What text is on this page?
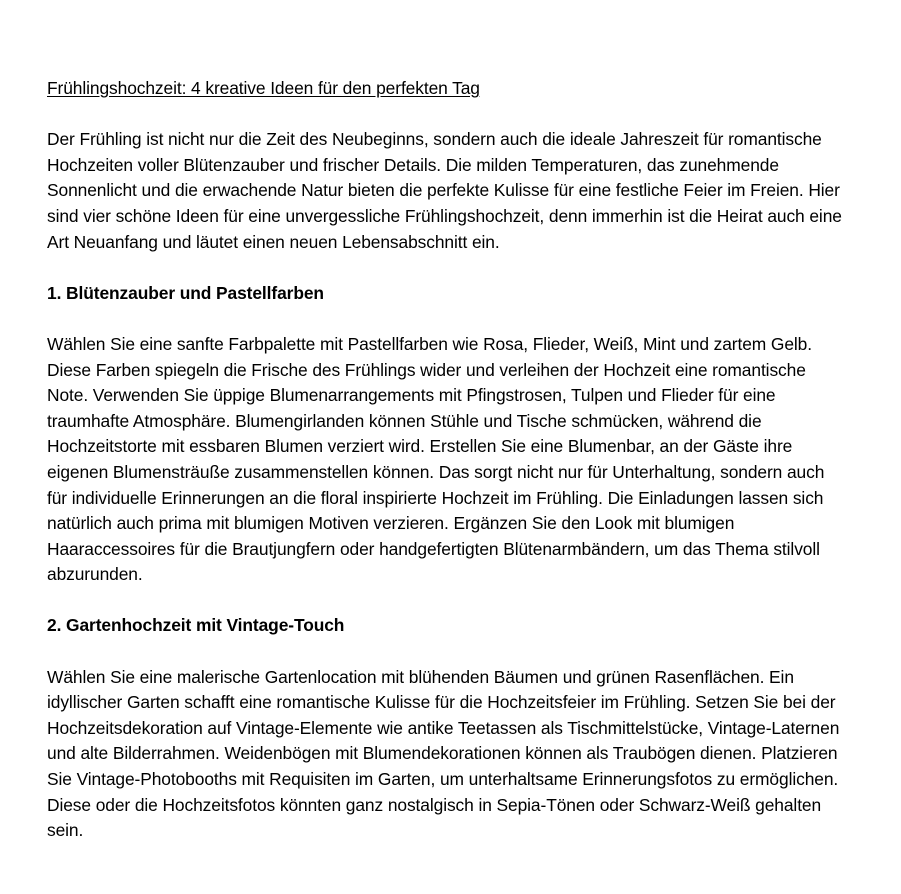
Frühlingshochzeit: 4 kreative Ideen für den perfekten Tag

Der Frühling ist nicht nur die Zeit des Neubeginns, sondern auch die ideale Jahreszeit für romantische Hochzeiten voller Blütenzauber und frischer Details. Die milden Temperaturen, das zunehmende Sonnenlicht und die erwachende Natur bieten die perfekte Kulisse für eine festliche Feier im Freien. Hier sind vier schöne Ideen für eine unvergessliche Frühlingshochzeit, denn immerhin ist die Heirat auch eine Art Neuanfang und läutet einen neuen Lebensabschnitt ein.

1. Blütenzauber und Pastellfarben

Wählen Sie eine sanfte Farbpalette mit Pastellfarben wie Rosa, Flieder, Weiß, Mint und zartem Gelb. Diese Farben spiegeln die Frische des Frühlings wider und verleihen der Hochzeit eine romantische Note. Verwenden Sie üppige Blumenarrangements mit Pfingstrosen, Tulpen und Flieder für eine traumhafte Atmosphäre. Blumengirlanden können Stühle und Tische schmücken, während die Hochzeitstorte mit essbaren Blumen verziert wird. Erstellen Sie eine Blumenbar, an der Gäste ihre eigenen Blumensträuße zusammenstellen können. Das sorgt nicht nur für Unterhaltung, sondern auch für individuelle Erinnerungen an die floral inspirierte Hochzeit im Frühling. Die Einladungen lassen sich natürlich auch prima mit blumigen Motiven verzieren. Ergänzen Sie den Look mit blumigen Haaraccessoires für die Brautjungfern oder handgefertigten Blütenarmbändern, um das Thema stilvoll abzurunden.

2. Gartenhochzeit mit Vintage-Touch

Wählen Sie eine malerische Gartenlocation mit blühenden Bäumen und grünen Rasenflächen. Ein idyllischer Garten schafft eine romantische Kulisse für die Hochzeitsfeier im Frühling. Setzen Sie bei der Hochzeitsdekoration auf Vintage-Elemente wie antike Teetassen als Tischmittelstücke, Vintage-Laternen und alte Bilderrahmen. Weidenbögen mit Blumendekorationen können als Traubögen dienen. Platzieren Sie Vintage-Photobooths mit Requisiten im Garten, um unterhaltsame Erinnerungsfotos zu ermöglichen. Diese oder die Hochzeitsfotos könnten ganz nostalgisch in Sepia-Tönen oder Schwarz-Weiß gehalten sein.
